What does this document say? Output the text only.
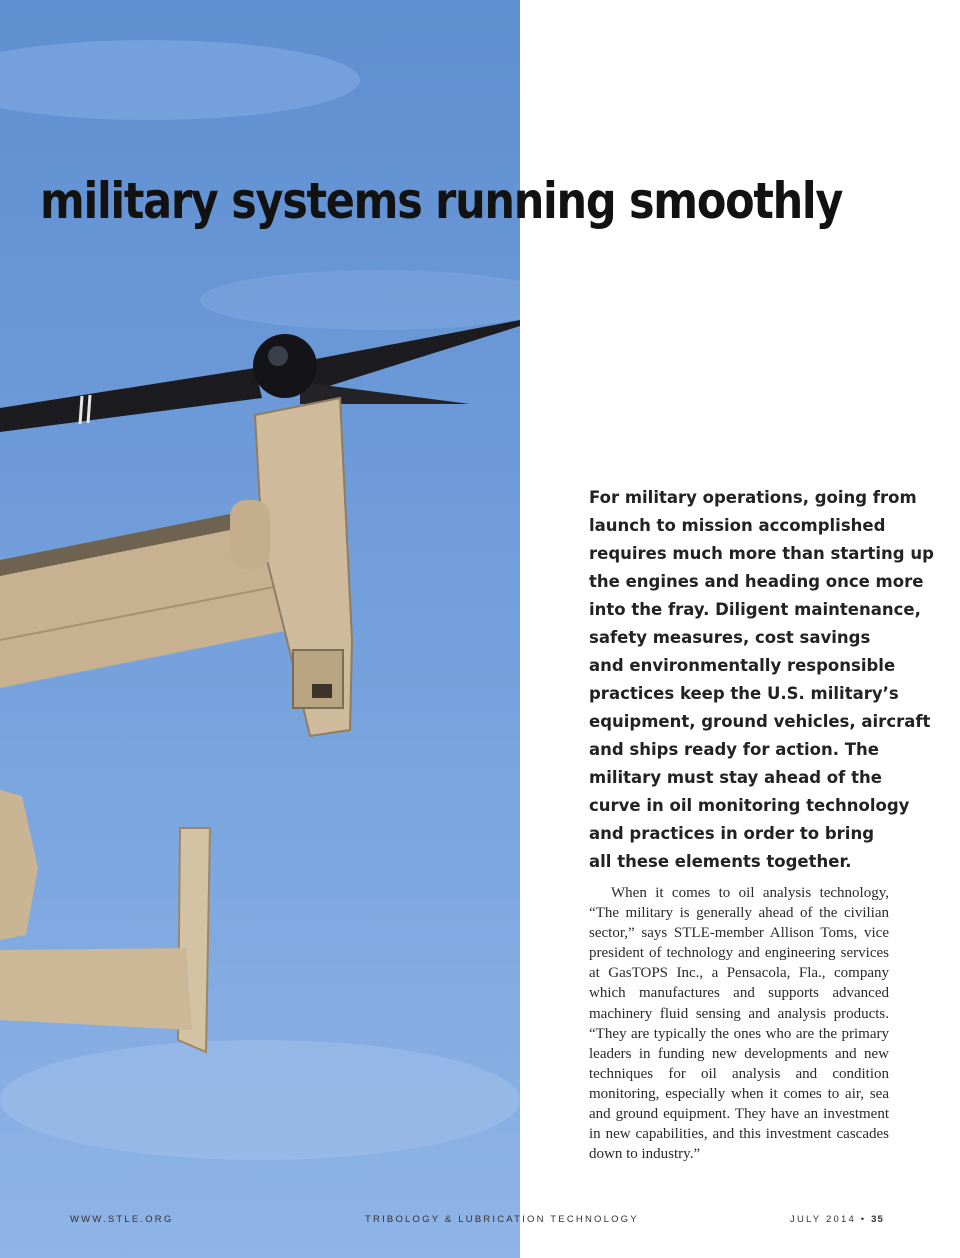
military systems running smoothly
For military operations, going from
launch to mission accomplished
requires much more than starting up
the engines and heading once more
into the fray. Diligent maintenance,
safety measures, cost savings
and environmentally responsible
practices keep the U.S. military’s
equipment, ground vehicles, aircraft
and ships ready for action. The
military must stay ahead of the
curve in oil monitoring technology
and practices in order to bring
all these elements together.

When it comes to oil analysis technology, “The military is generally ahead of the civilian sector,” says STLE-member Allison Toms, vice president of technology and engineering services at GasTOPS Inc., a Pensacola, Fla., company which manufactures and supports advanced machinery fluid sensing and analysis products. “They are typically the ones who are the primary leaders in funding new developments and new techniques for oil analysis and condition monitoring, especially when it comes to air, sea and ground equipment. They have an investment in new capabilities, and this investment cascades down to industry.”

WWW.STLE.ORG	TRIBOLOGY & LUBRICATION TECHNOLOGY	JULY 2014 • 35
